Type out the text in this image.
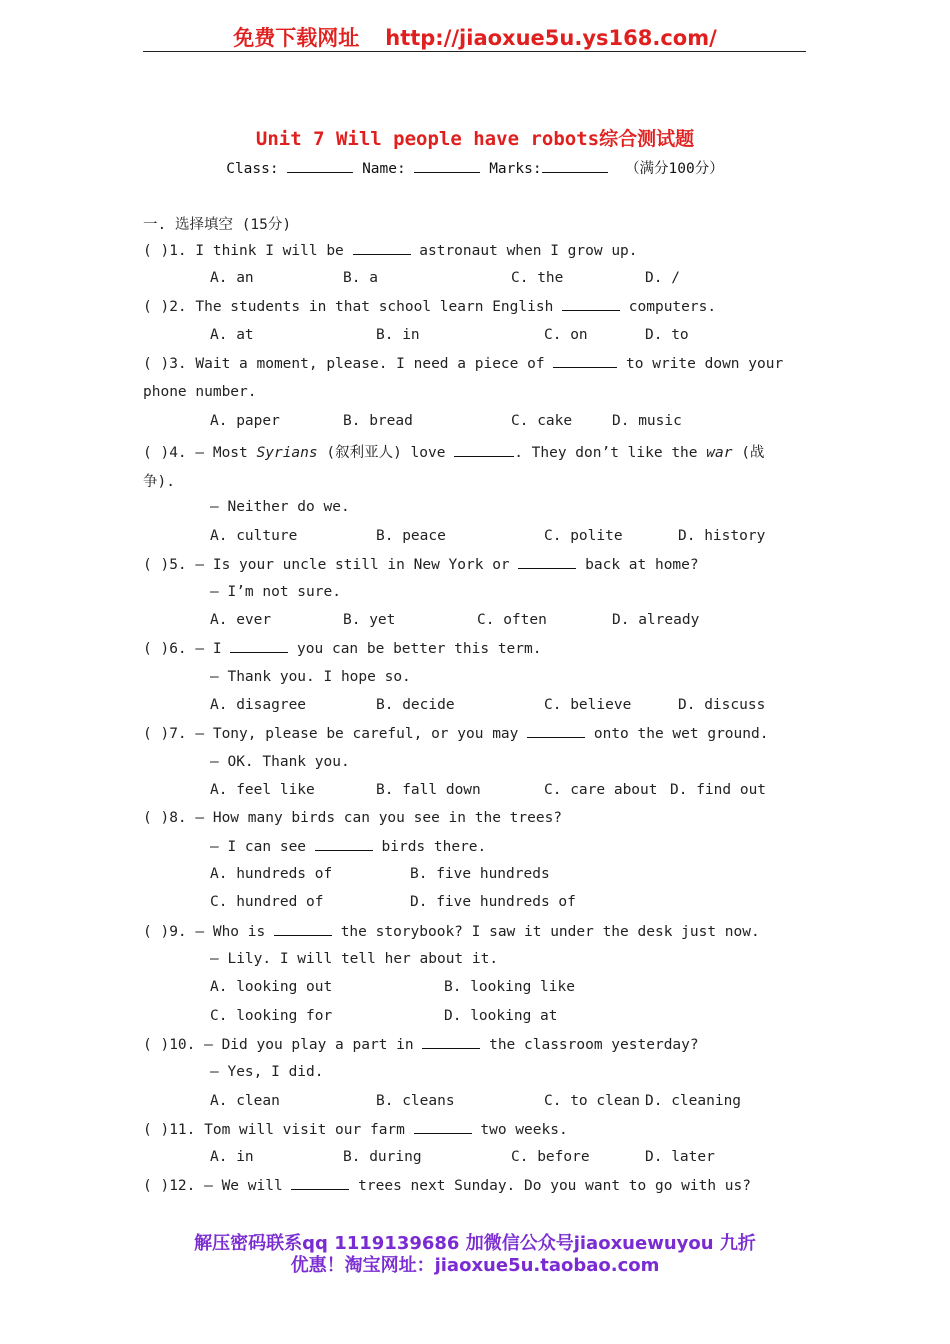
免费下载网址 http://jiaoxue5u.ys168.com/
Unit 7 Will people have robots综合测试题
Class:	Name:	Marks:	（满分100分）
一. 选择填空 (15分)
( )1. I think I will be	astronaut when I grow up.
A. an	B. a	C. the	D. /
( )2. The students in that school learn English	computers.
A. at	B. in	C. on	D. to
( )3. Wait a moment, please. I need a piece of	to write down your
phone number.
A. paper	B. bread	C. cake	D. music
( )4. — Most Syrians (叙利亚人) love	. They don’t like the war (战
争).
— Neither do we.
A. culture	B. peace	C. polite	D. history
( )5. — Is your uncle still in New York or	back at home?
— I’m not sure.
A. ever	B. yet	C. often	D. already
( )6. — I	you can be better this term.
— Thank you. I hope so.
A. disagree	B. decide	C. believe	D. discuss
( )7. — Tony, please be careful, or you may	onto the wet ground.
— OK. Thank you.
A. feel like	B. fall down	C. care about D. find out
( )8. — How many birds can you see in the trees?
— I can see	birds there.
A. hundreds of	B. five hundreds
C. hundred of	D. five hundreds of
( )9. — Who is	the storybook? I saw it under the desk just now.
— Lily. I will tell her about it.
A. looking out	B. looking like
C. looking for	D. looking at
( )10. — Did you play a part in	the classroom yesterday?
— Yes, I did.
A. clean	B. cleans	C. to clean D. cleaning
( )11. Tom will visit our farm	two weeks.
A. in	B. during	C. before	D. later
( )12. — We will	trees next Sunday. Do you want to go with us?
解压密码联系qq 1119139686 加微信公众号jiaoxuewuyou 九折
优惠！淘宝网址：jiaoxue5u.taobao.com
